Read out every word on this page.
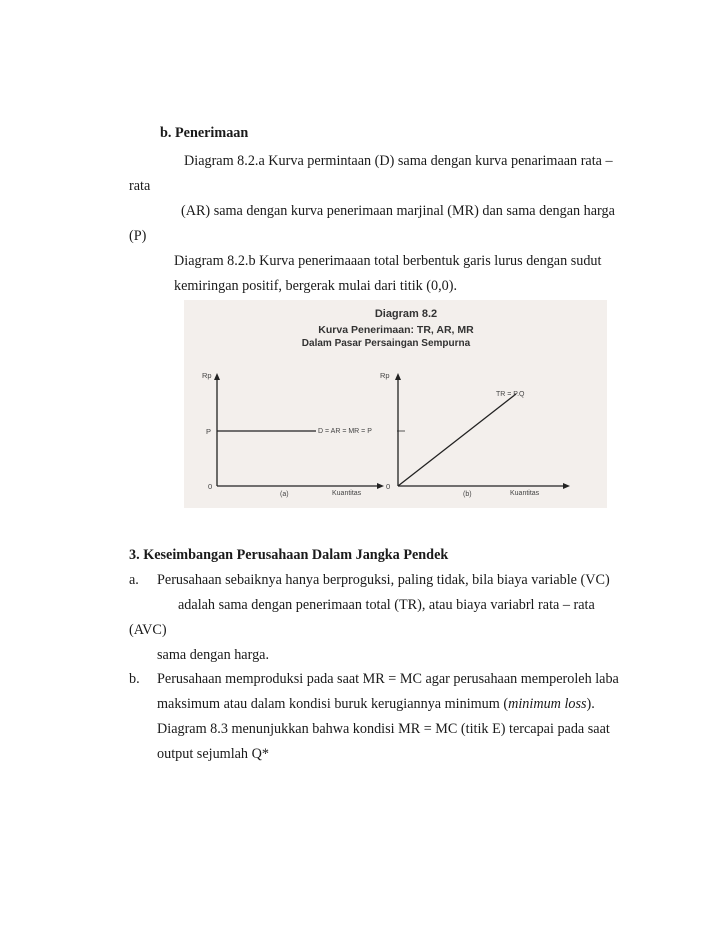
b. Penerimaan
Diagram 8.2.a Kurva permintaan (D) sama dengan kurva penarimaan rata –
rata
(AR) sama dengan kurva penerimaan marjinal (MR) dan sama dengan harga
(P)
Diagram 8.2.b Kurva penerimaaan total berbentuk garis lurus dengan sudut
kemiringan positif, bergerak mulai dari titik (0,0).
Diagram 8.2
Kurva Penerimaan: TR, AR, MR
Dalam Pasar Persaingan Sempurna
Rp
0
P	D = AR = MR = P
Kuantitas
(a)
Rp
0
TR = P.Q
Kuantitas
(b)
3. Keseimbangan Perusahaan Dalam Jangka Pendek
a. Perusahaan sebaiknya hanya berproguksi, paling tidak, bila biaya variable (VC)
adalah sama dengan penerimaan total (TR), atau biaya variabrl rata – rata
(AVC)
sama dengan harga.
b. Perusahaan memproduksi pada saat MR = MC agar perusahaan memperoleh laba
maksimum atau dalam kondisi buruk kerugiannya minimum (minimum loss).
Diagram 8.3 menunjukkan bahwa kondisi MR = MC (titik E) tercapai pada saat
output sejumlah Q*
